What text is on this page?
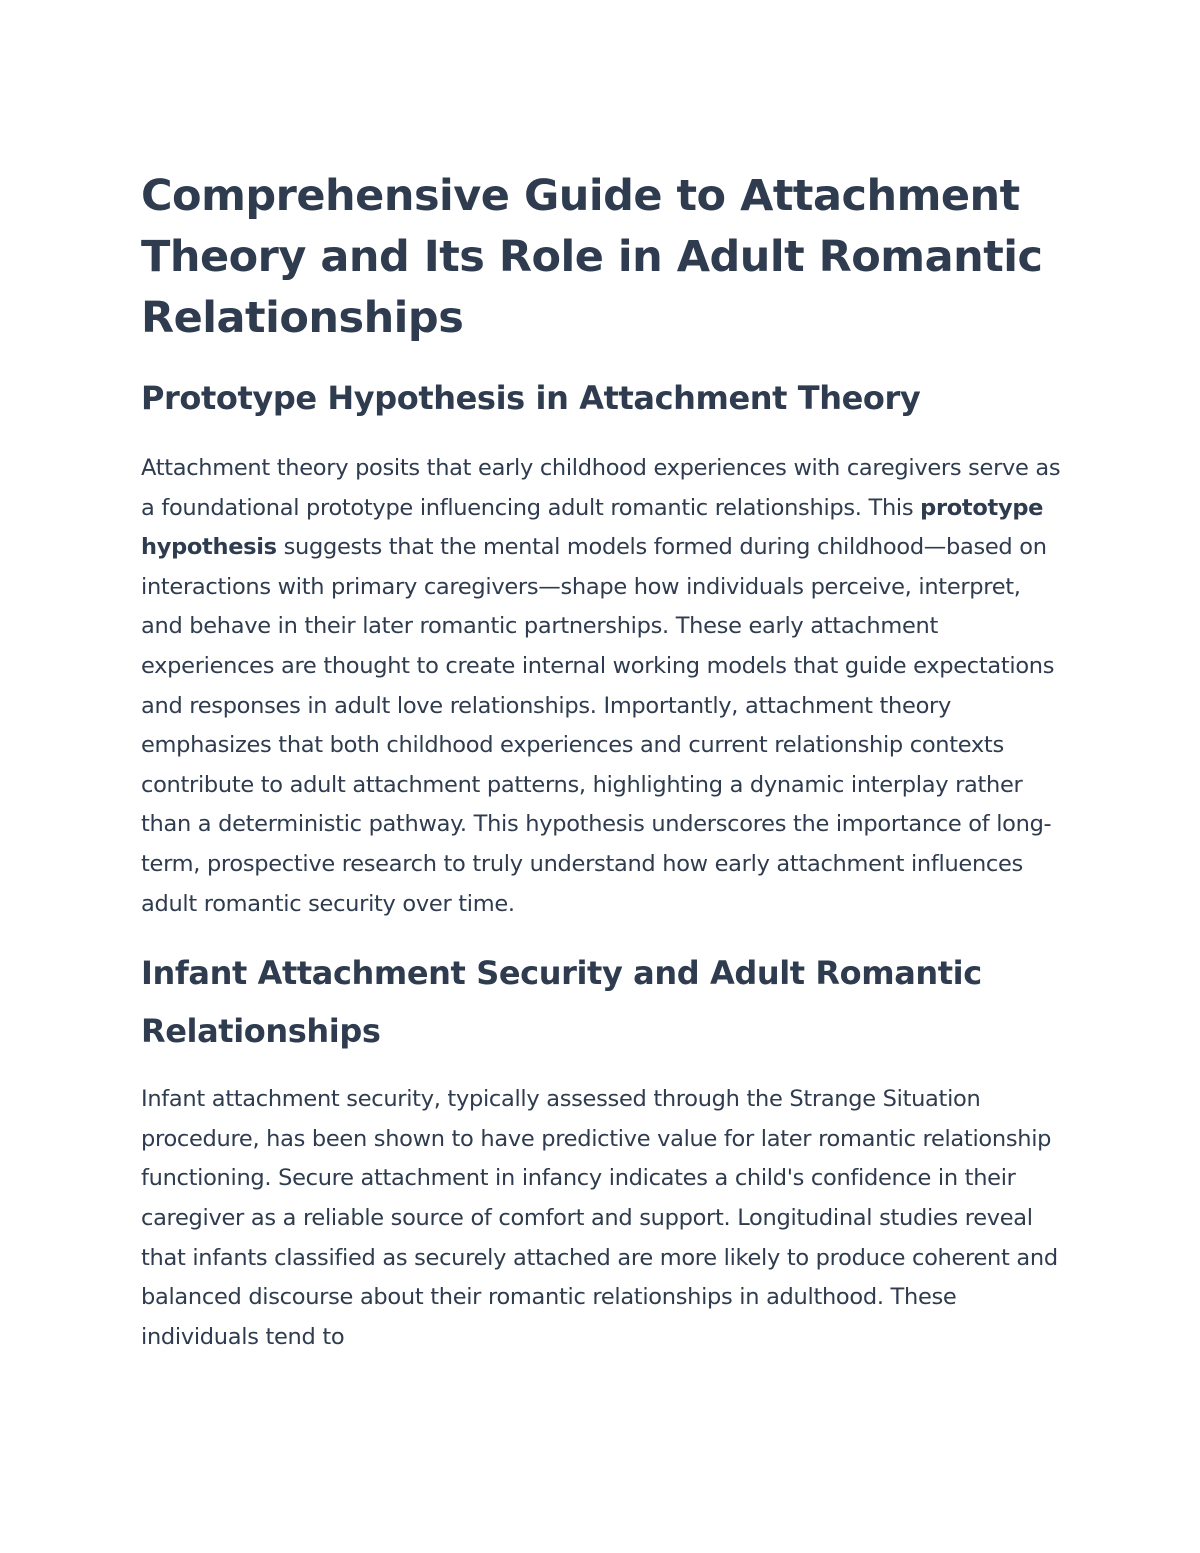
Comprehensive Guide to Attachment Theory and Its Role in Adult Romantic Relationships
Prototype Hypothesis in Attachment Theory

Attachment theory posits that early childhood experiences with caregivers serve as a foundational prototype influencing adult romantic relationships. This prototype hypothesis suggests that the mental models formed during childhood—based on interactions with primary caregivers—shape how individuals perceive, interpret, and behave in their later romantic partnerships. These early attachment experiences are thought to create internal working models that guide expectations and responses in adult love relationships. Importantly, attachment theory emphasizes that both childhood experiences and current relationship contexts contribute to adult attachment patterns, highlighting a dynamic interplay rather than a deterministic pathway. This hypothesis underscores the importance of long-term, prospective research to truly understand how early attachment influences adult romantic security over time.

Infant Attachment Security and Adult Romantic Relationships

Infant attachment security, typically assessed through the Strange Situation procedure, has been shown to have predictive value for later romantic relationship functioning. Secure attachment in infancy indicates a child's confidence in their caregiver as a reliable source of comfort and support. Longitudinal studies reveal that infants classified as securely attached are more likely to produce coherent and balanced discourse about their romantic relationships in adulthood. These individuals tend to
